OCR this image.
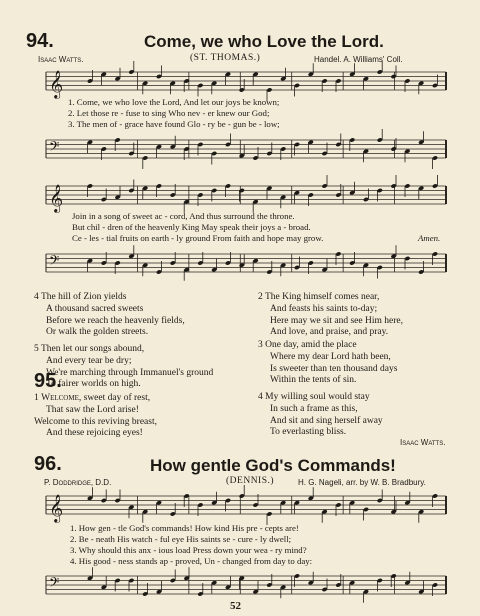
94.	Come, we who Love the Lord.
Isaac Watts.	(ST. THOMAS.)	Handel. A. Williams' Coll.
𝄞
1. Come, we who love the Lord, And let our joys be known;
2. Let those re - fuse to sing Who nev - er knew our God;
3. The men of - grace have found Glo - ry be - gun be - low;
𝄢
𝄞
Join in a song of sweet ac - cord, And thus surround the throne.
But chil - dren of the heavenly King May speak their joys a - broad.
Ce - les - tial fruits on earth - ly ground From faith and hope may grow.	Amen.
𝄢
4 The hill of Zion yields
A thousand sacred sweets
Before we reach the heavenly fields,
Or walk the golden streets.
5 Then let our songs abound,
And every tear be dry;
We're marching through Immanuel's ground
To fairer worlds on high.
2 The King himself comes near,
And feasts his saints to-day;
Here may we sit and see Him here,
And love, and praise, and pray.
3 One day, amid the place
Where my dear Lord hath been,
Is sweeter than ten thousand days
Within the tents of sin.
4 My willing soul would stay
In such a frame as this,
And sit and sing herself away
To everlasting bliss.
Isaac Watts.
95.
1 Welcome, sweet day of rest,
That saw the Lord arise!
Welcome to this reviving breast,
And these rejoicing eyes!
96.	How gentle God's Commands!
P. Doddridge, D.D.	(DENNIS.)	H. G. Nageli, arr. by W. B. Bradbury.
𝄞
1. How gen - tle God's commands! How kind His pre - cepts are!
2. Be - neath His watch - ful eye His saints se - cure - ly dwell;
3. Why should this anx - ious load Press down your wea - ry mind?
4. His good - ness stands ap - proved, Un - changed from day to day:
𝄢
52
